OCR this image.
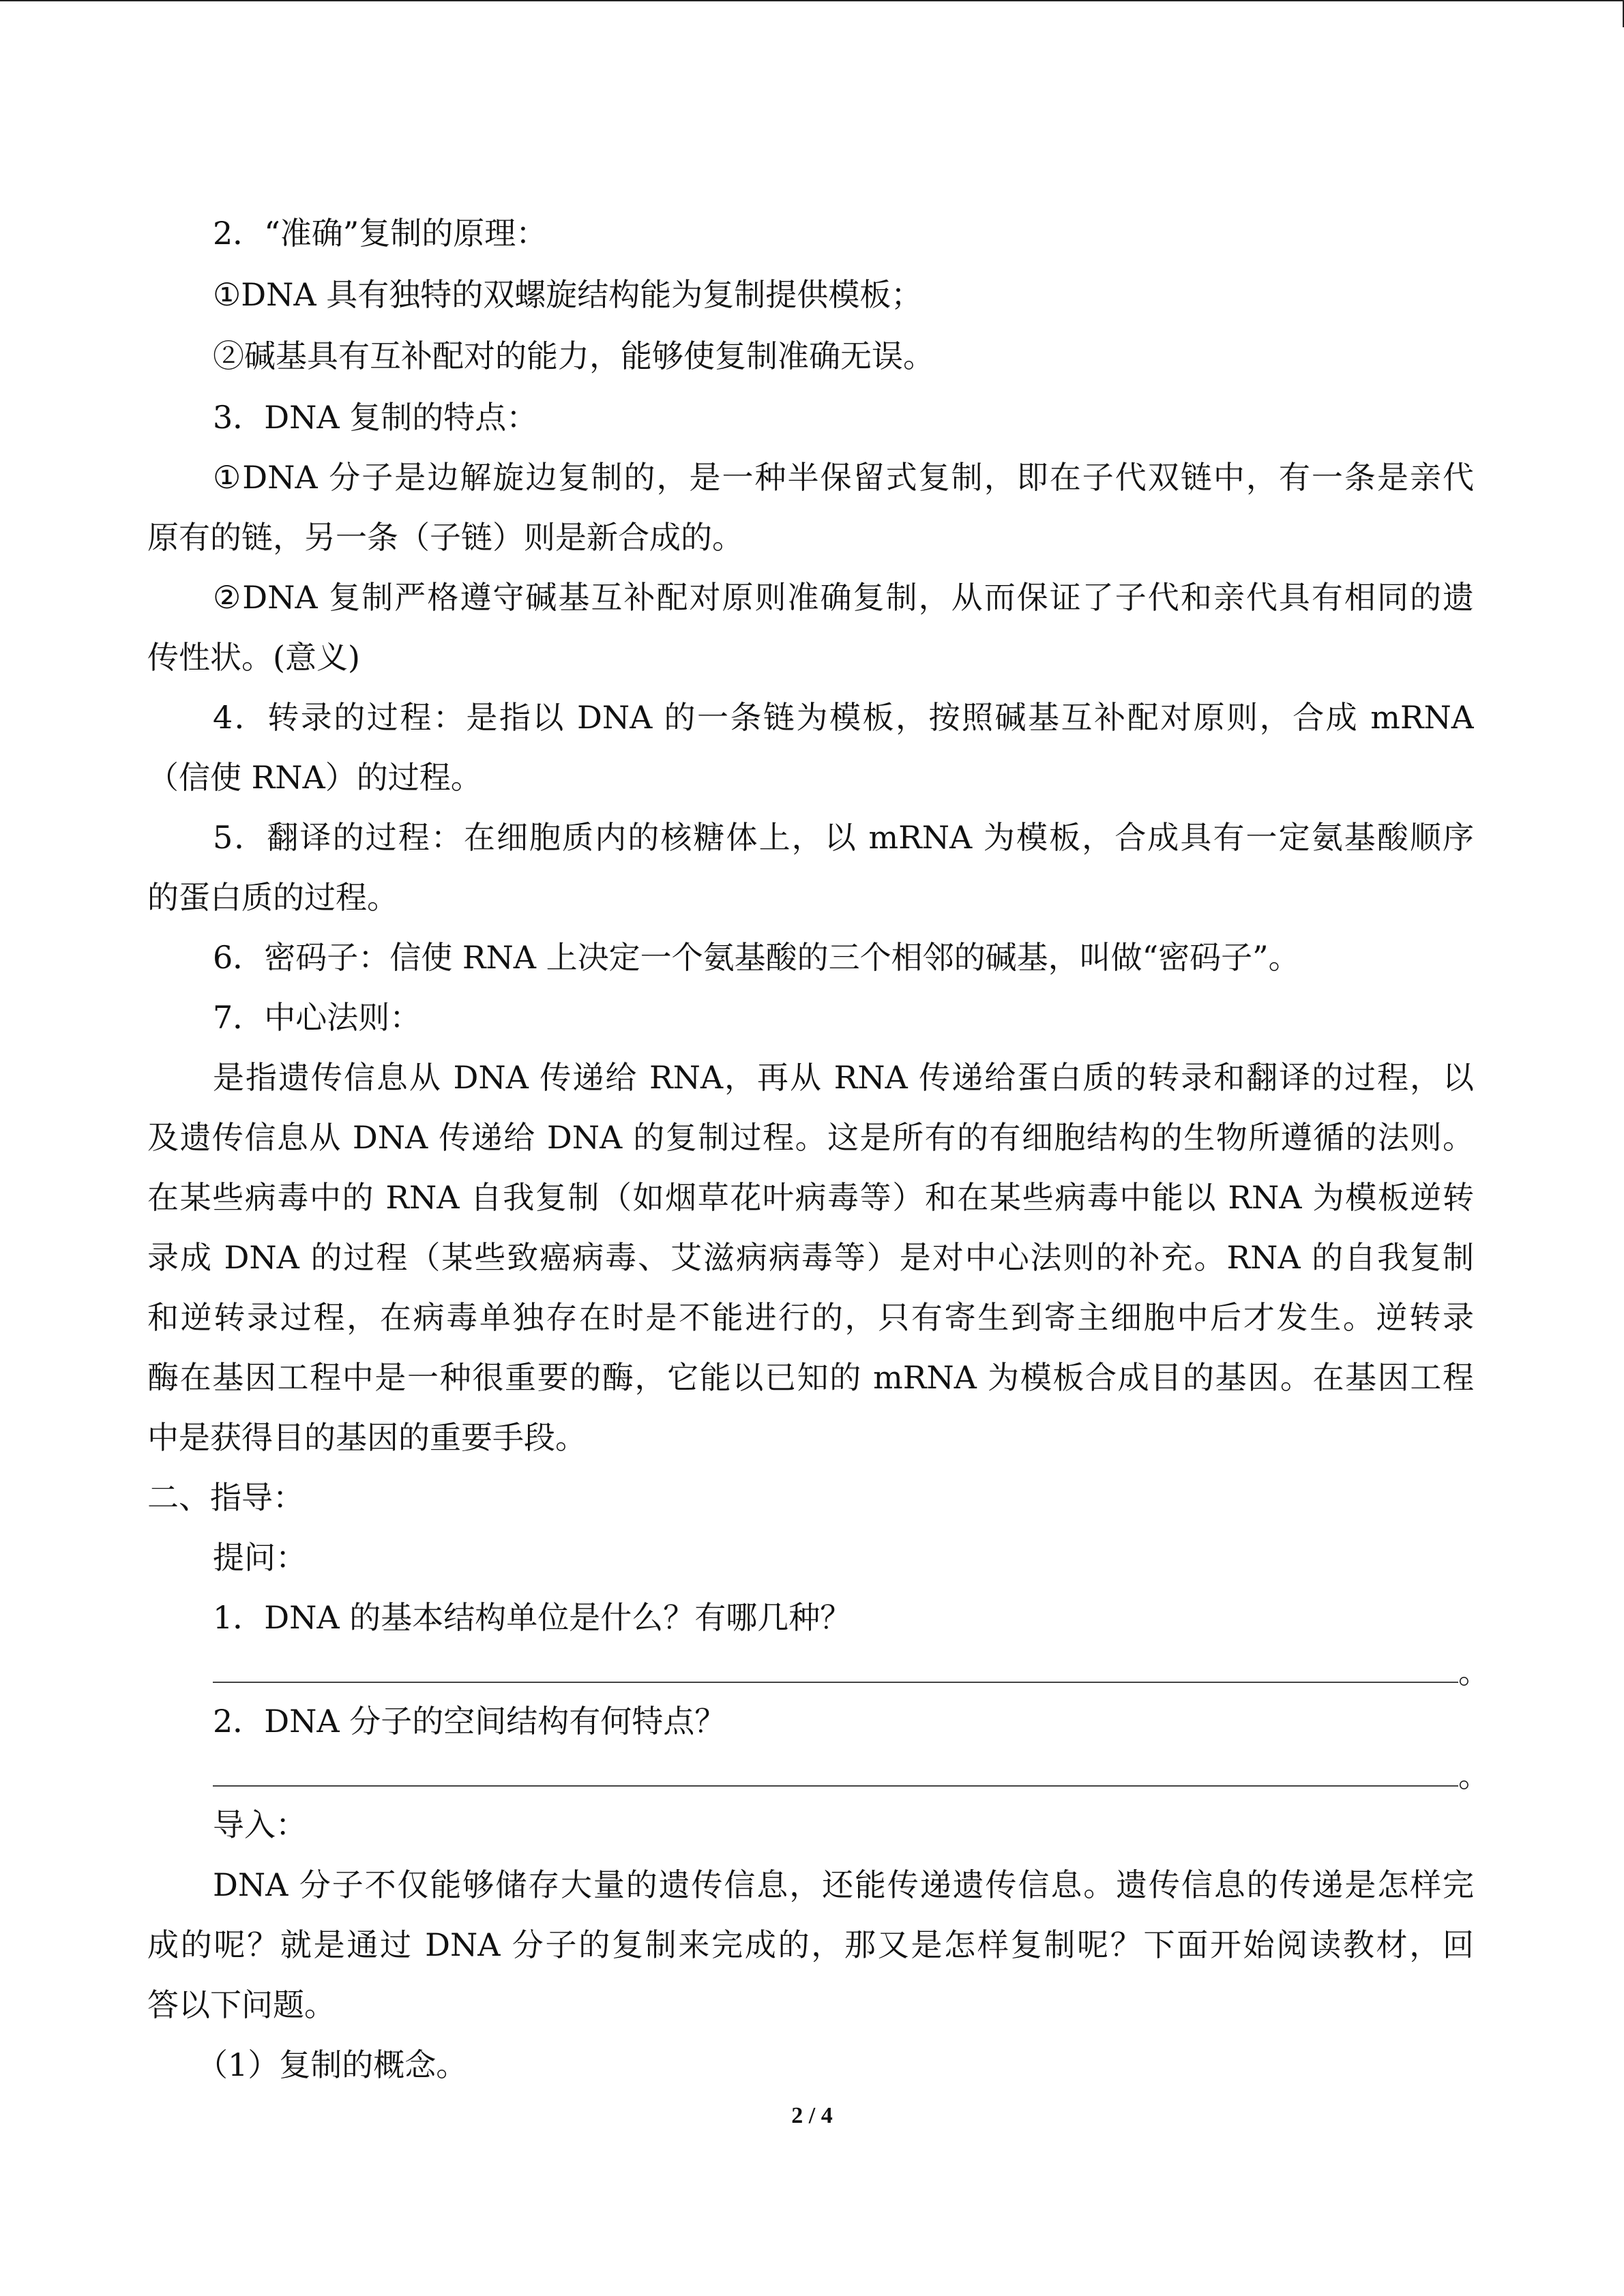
2．“准确”复制的原理：
①DNA 具有独特的双螺旋结构能为复制提供模板；
②碱基具有互补配对的能力，能够使复制准确无误。
3．DNA 复制的特点：
①DNA 分子是边解旋边复制的，是一种半保留式复制，即在子代双链中，有一条是亲代
原有的链，另一条（子链）则是新合成的。
②DNA 复制严格遵守碱基互补配对原则准确复制，从而保证了子代和亲代具有相同的遗
传性状。(意义)
4．转录的过程：是指以 DNA 的一条链为模板，按照碱基互补配对原则，合成 mRNA
（信使 RNA）的过程。
5．翻译的过程：在细胞质内的核糖体上，以 mRNA 为模板，合成具有一定氨基酸顺序
的蛋白质的过程。
6．密码子：信使 RNA 上决定一个氨基酸的三个相邻的碱基，叫做“密码子”。
7．中心法则：
是指遗传信息从 DNA 传递给 RNA，再从 RNA 传递给蛋白质的转录和翻译的过程，以
及遗传信息从 DNA 传递给 DNA 的复制过程。这是所有的有细胞结构的生物所遵循的法则。
在某些病毒中的 RNA 自我复制（如烟草花叶病毒等）和在某些病毒中能以 RNA 为模板逆转
录成 DNA 的过程（某些致癌病毒、艾滋病病毒等）是对中心法则的补充。RNA 的自我复制
和逆转录过程，在病毒单独存在时是不能进行的，只有寄生到寄主细胞中后才发生。逆转录
酶在基因工程中是一种很重要的酶，它能以已知的 mRNA 为模板合成目的基因。在基因工程
中是获得目的基因的重要手段。
二、指导：
提问：
1．DNA 的基本结构单位是什么？有哪几种？
。
2．DNA 分子的空间结构有何特点？
。
导入：
DNA 分子不仅能够储存大量的遗传信息，还能传递遗传信息。遗传信息的传递是怎样完
成的呢？就是通过 DNA 分子的复制来完成的，那又是怎样复制呢？下面开始阅读教材，回
答以下问题。
（1）复制的概念。
2 / 4
